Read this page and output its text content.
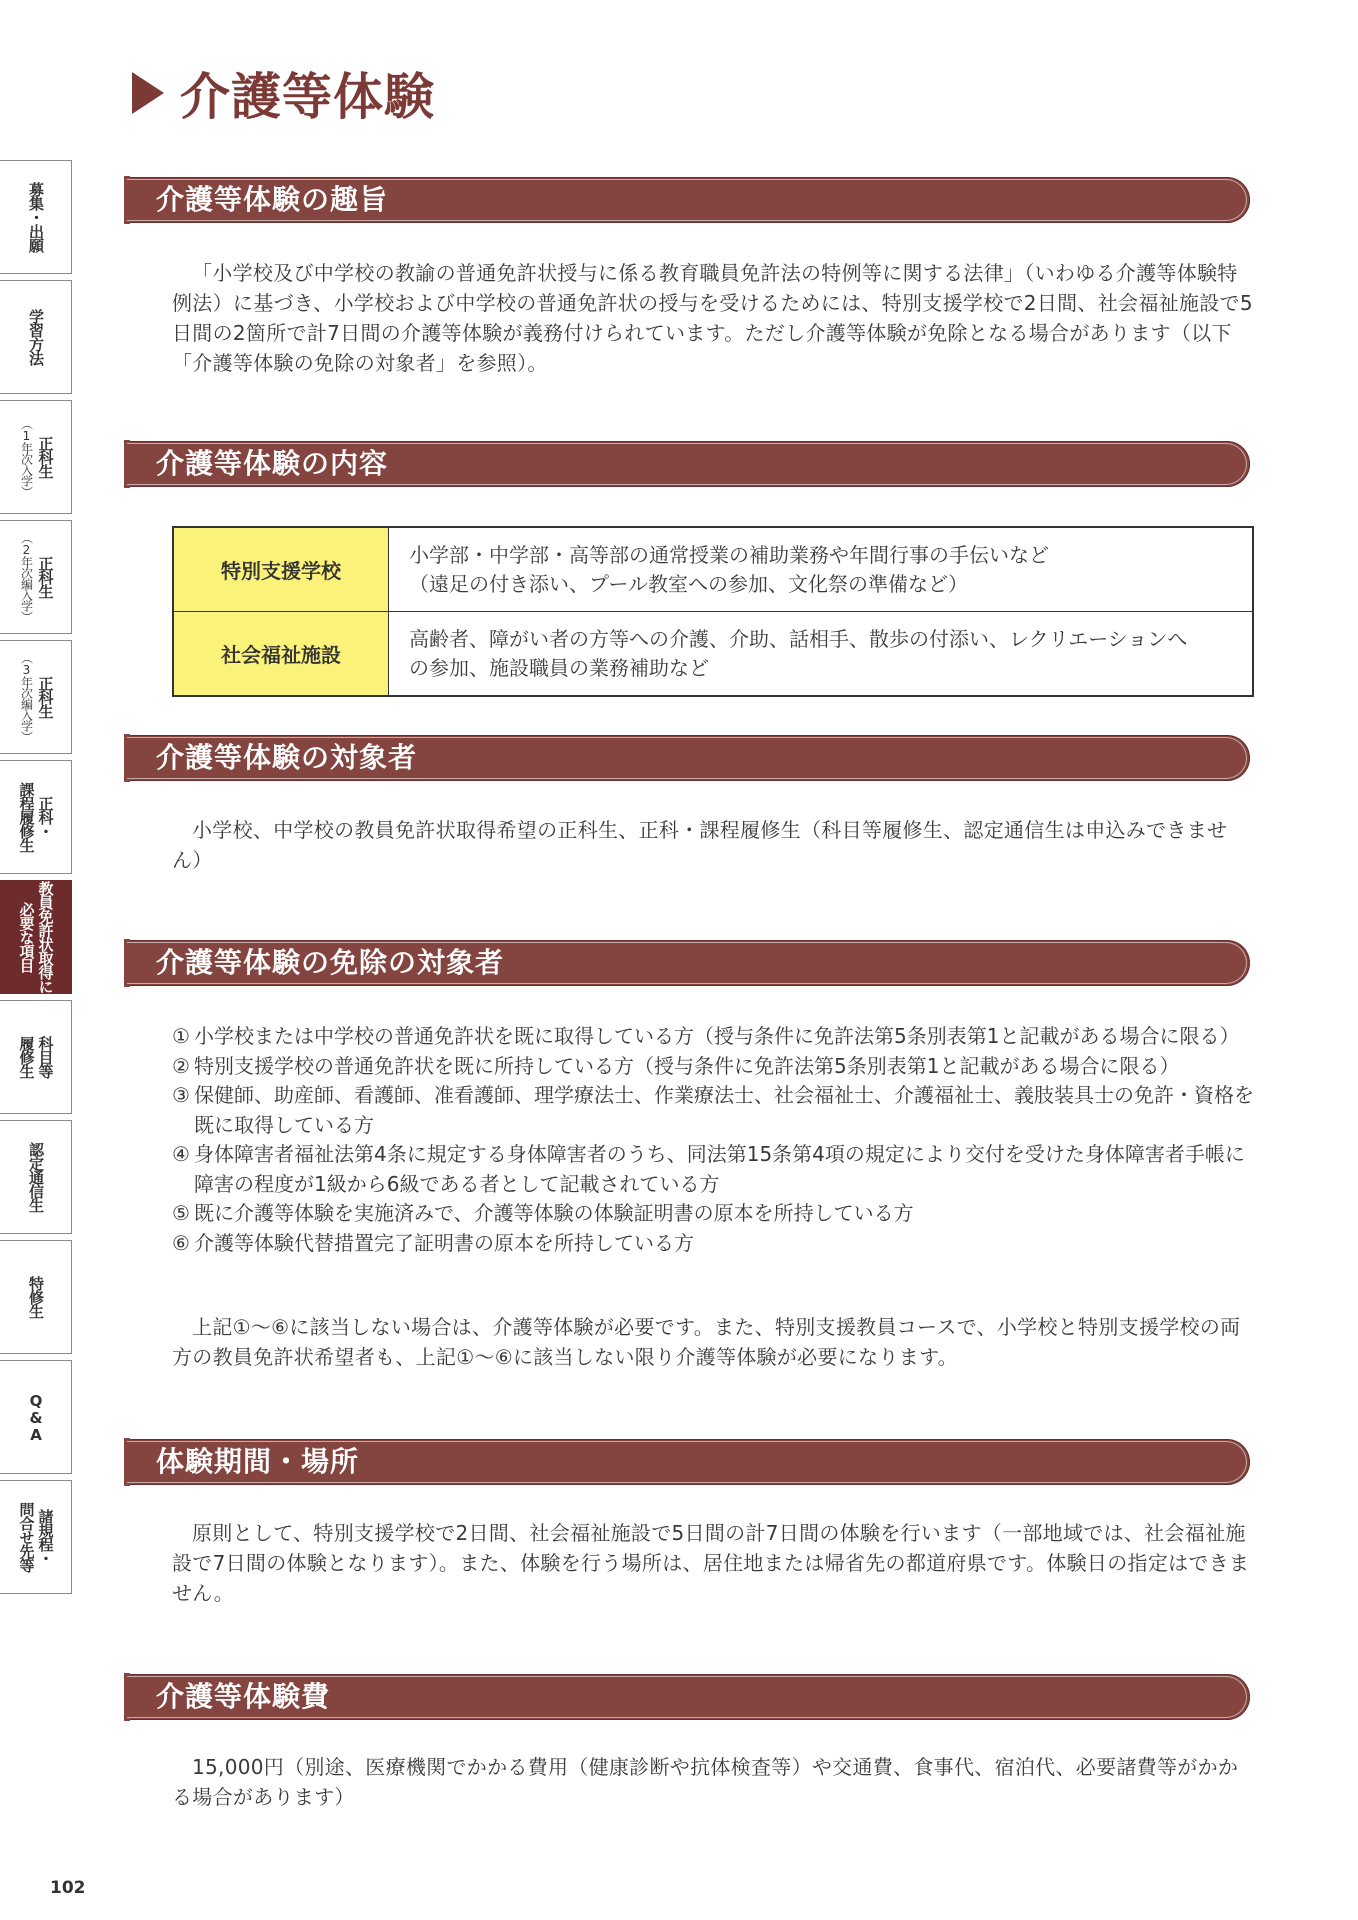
介護等体験
募集・出願
学習方法
正科生
（1年次入学）
正科生
（2年次編入学）
正科生
（3年次編入学）
正科・
課程履修生
教員免許状取得に
必要な項目
科目等
履修生
認定通信生
特修生
Q&A
諸規程・
問合せ先等
介護等体験の趣旨
「小学校及び中学校の教諭の普通免許状授与に係る教育職員免許法の特例等に関する法律」（いわゆる介護等体験特例法）に基づき、小学校および中学校の普通免許状の授与を受けるためには、特別支援学校で2日間、社会福祉施設で5日間の2箇所で計7日間の介護等体験が義務付けられています。ただし介護等体験が免除となる場合があります（以下「介護等体験の免除の対象者」を参照）。
介護等体験の内容
特別支援学校	小学部・中学部・高等部の通常授業の補助業務や年間行事の手伝いなど
（遠足の付き添い、プール教室への参加、文化祭の準備など）

社会福祉施設	高齢者、障がい者の方等への介護、介助、話相手、散歩の付添い、レクリエーションへ
の参加、施設職員の業務補助など
介護等体験の対象者
小学校、中学校の教員免許状取得希望の正科生、正科・課程履修生（科目等履修生、認定通信生は申込みできません）
介護等体験の免除の対象者
① 小学校または中学校の普通免許状を既に取得している方（授与条件に免許法第5条別表第1と記載がある場合に限る）
② 特別支援学校の普通免許状を既に所持している方（授与条件に免許法第5条別表第1と記載がある場合に限る）
③ 保健師、助産師、看護師、准看護師、理学療法士、作業療法士、社会福祉士、介護福祉士、義肢装具士の免許・資格を既に取得している方
④ 身体障害者福祉法第4条に規定する身体障害者のうち、同法第15条第4項の規定により交付を受けた身体障害者手帳に障害の程度が1級から6級である者として記載されている方
⑤ 既に介護等体験を実施済みで、介護等体験の体験証明書の原本を所持している方
⑥ 介護等体験代替措置完了証明書の原本を所持している方
上記①〜⑥に該当しない場合は、介護等体験が必要です。また、特別支援教員コースで、小学校と特別支援学校の両方の教員免許状希望者も、上記①〜⑥に該当しない限り介護等体験が必要になります。
体験期間・場所
原則として、特別支援学校で2日間、社会福祉施設で5日間の計7日間の体験を行います（一部地域では、社会福祉施設で7日間の体験となります）。また、体験を行う場所は、居住地または帰省先の都道府県です。体験日の指定はできません。
介護等体験費
15,000円（別途、医療機関でかかる費用（健康診断や抗体検査等）や交通費、食事代、宿泊代、必要諸費等がかかる場合があります）
102
